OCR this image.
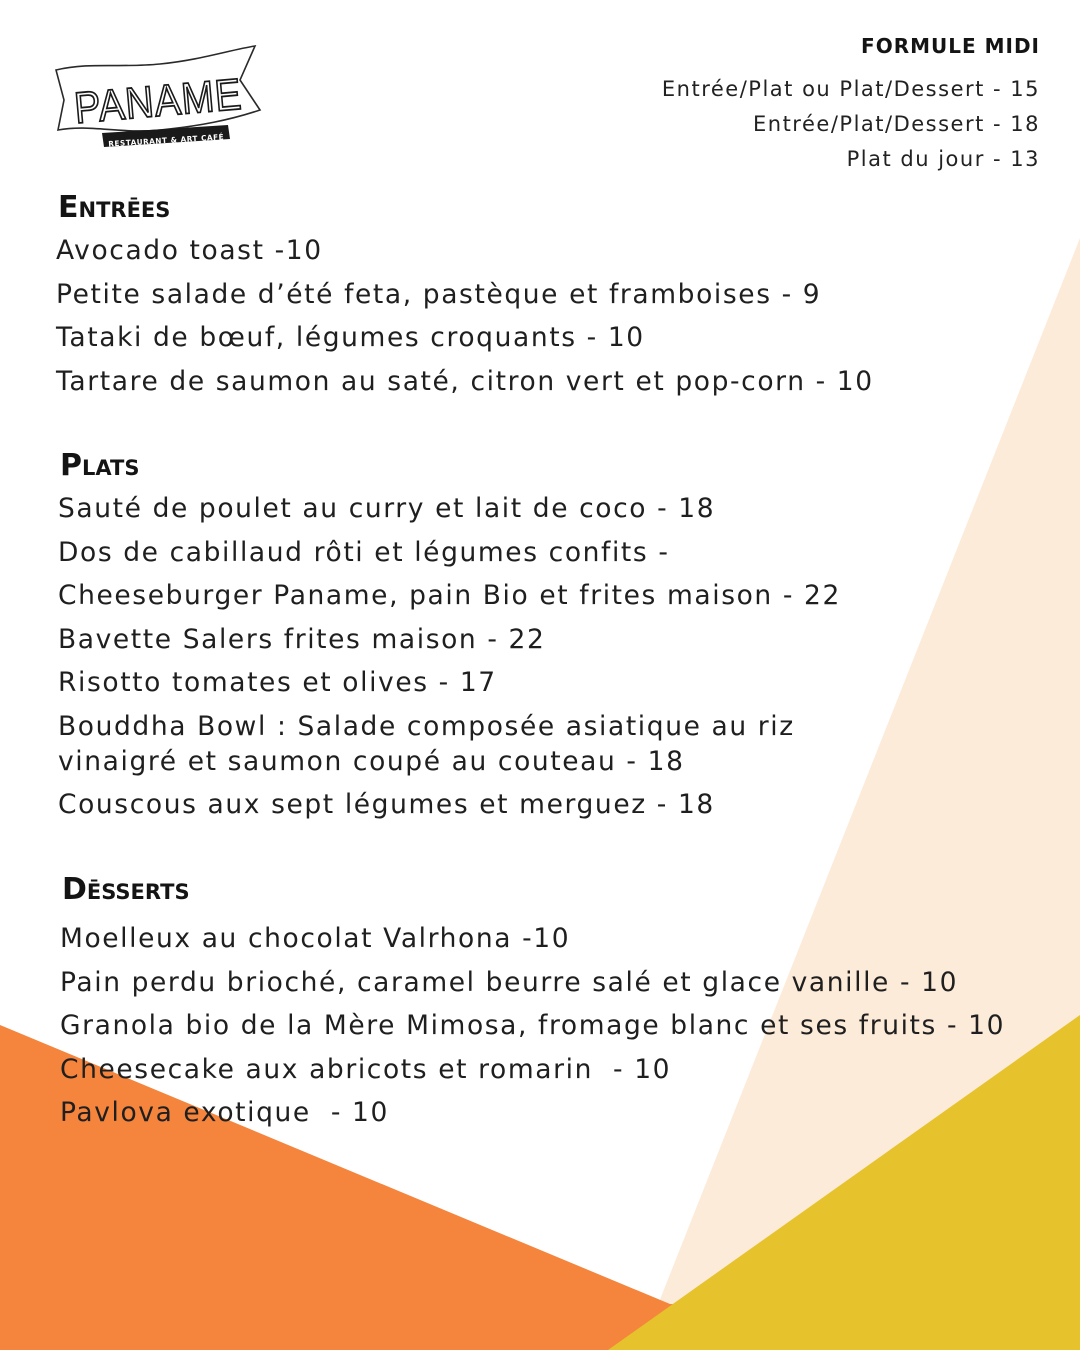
PANAME
RESTAURANT & ART CAFÉ
FORMULE MIDI
Entrée/Plat ou Plat/Dessert - 15
Entrée/Plat/Dessert - 18
Plat du jour - 13
Entrēes
Avocado toast -10
Petite salade d’été feta, pastèque et framboises - 9
Tataki de bœuf, légumes croquants - 10
Tartare de saumon au saté, citron vert et pop-corn - 10
Plats
Sauté de poulet au curry et lait de coco - 18
Dos de cabillaud rôti et légumes confits -
Cheeseburger Paname, pain Bio et frites maison - 22
Bavette Salers frites maison - 22
Risotto tomates et olives - 17
Bouddha Bowl : Salade composée asiatique au riz
vinaigré et saumon coupé au couteau - 18
Couscous aux sept légumes et merguez - 18
Dēsserts
Moelleux au chocolat Valrhona -10
Pain perdu brioché, caramel beurre salé et glace vanille - 10
Granola bio de la Mère Mimosa, fromage blanc et ses fruits - 10
Cheesecake aux abricots et romarin  - 10
Pavlova exotique  - 10
